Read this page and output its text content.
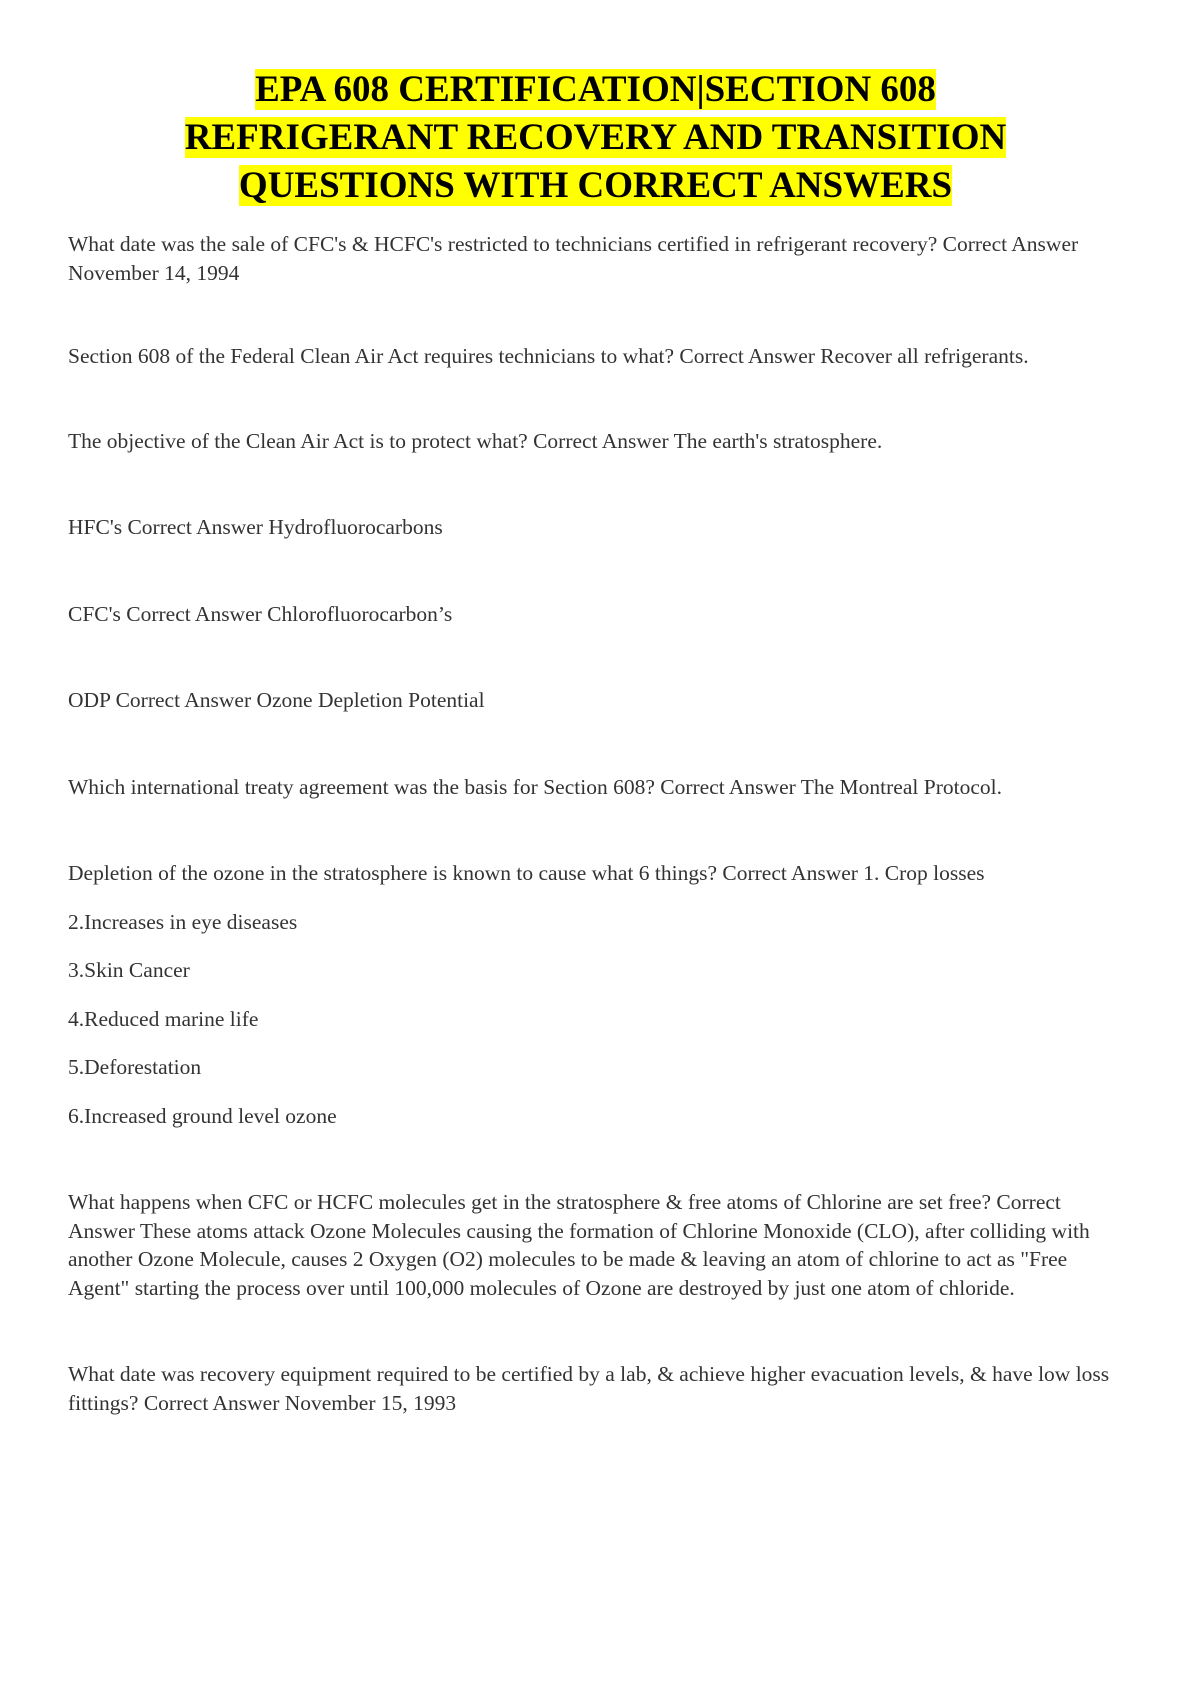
EPA 608 CERTIFICATION|SECTION 608
REFRIGERANT RECOVERY AND TRANSITION
QUESTIONS WITH CORRECT ANSWERS

What date was the sale of CFC's & HCFC's restricted to technicians certified in refrigerant recovery? Correct Answer November 14, 1994

Section 608 of the Federal Clean Air Act requires technicians to what? Correct Answer Recover all refrigerants.

The objective of the Clean Air Act is to protect what? Correct Answer The earth's stratosphere.

HFC's Correct Answer Hydrofluorocarbons

CFC's Correct Answer Chlorofluorocarbon’s

ODP Correct Answer Ozone Depletion Potential

Which international treaty agreement was the basis for Section 608? Correct Answer The Montreal Protocol.

Depletion of the ozone in the stratosphere is known to cause what 6 things? Correct Answer 1. Crop losses

2.Increases in eye diseases

3.Skin Cancer

4.Reduced marine life

5.Deforestation

6.Increased ground level ozone

What happens when CFC or HCFC molecules get in the stratosphere & free atoms of Chlorine are set free? Correct Answer These atoms attack Ozone Molecules causing the formation of Chlorine Monoxide (CLO), after colliding with another Ozone Molecule, causes 2 Oxygen (O2) molecules to be made & leaving an atom of chlorine to act as "Free Agent" starting the process over until 100,000 molecules of Ozone are destroyed by just one atom of chloride.

What date was recovery equipment required to be certified by a lab, & achieve higher evacuation levels, & have low loss fittings? Correct Answer November 15, 1993
